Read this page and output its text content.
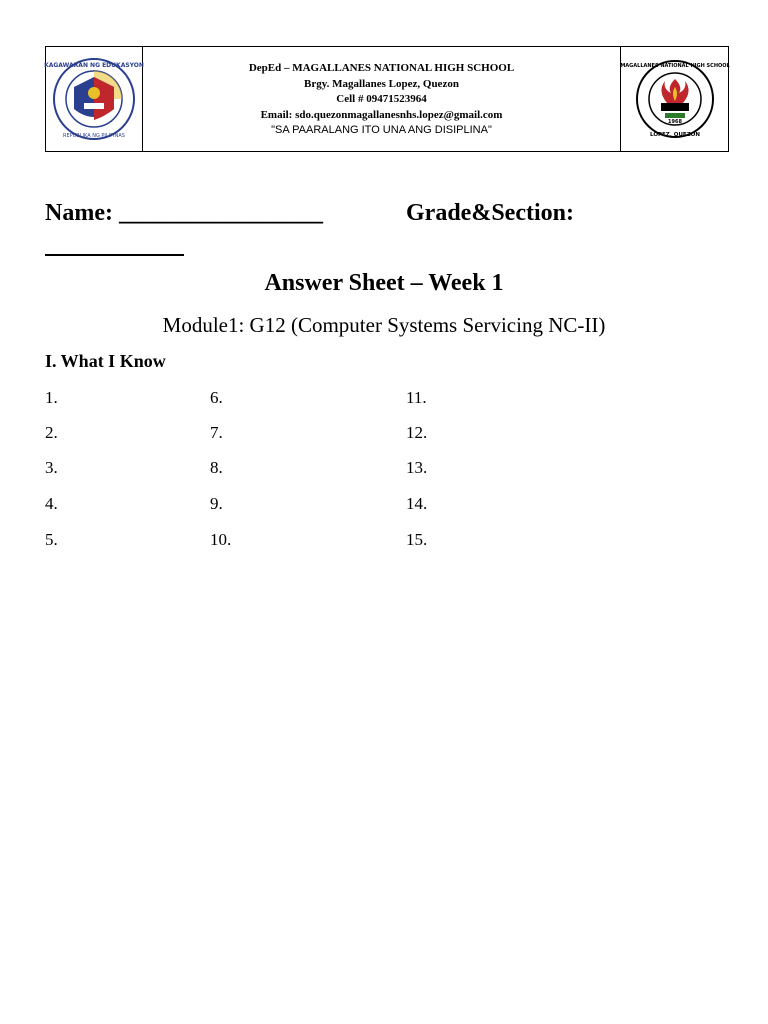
KAGAWARAN NG EDUKASYON
REPUBLIKA NG PILIPINAS
DepEd – MAGALLANES NATIONAL HIGH SCHOOL
Brgy. Magallanes Lopez, Quezon
Cell # 09471523964
Email: sdo.quezonmagallanesnhs.lopez@gmail.com
"SA PAARALANG ITO UNA ANG DISIPLINA"
1968
MAGALLANES NATIONAL HIGH SCHOOL
LOPEZ, QUEZON
Name: _________________	Grade&Section:
Answer Sheet – Week 1
Module1: G12 (Computer Systems Servicing NC-II)
I. What I Know
1.
2.
3.
4.
5.
6.
7.
8.
9.
10.
11.
12.
13.
14.
15.
